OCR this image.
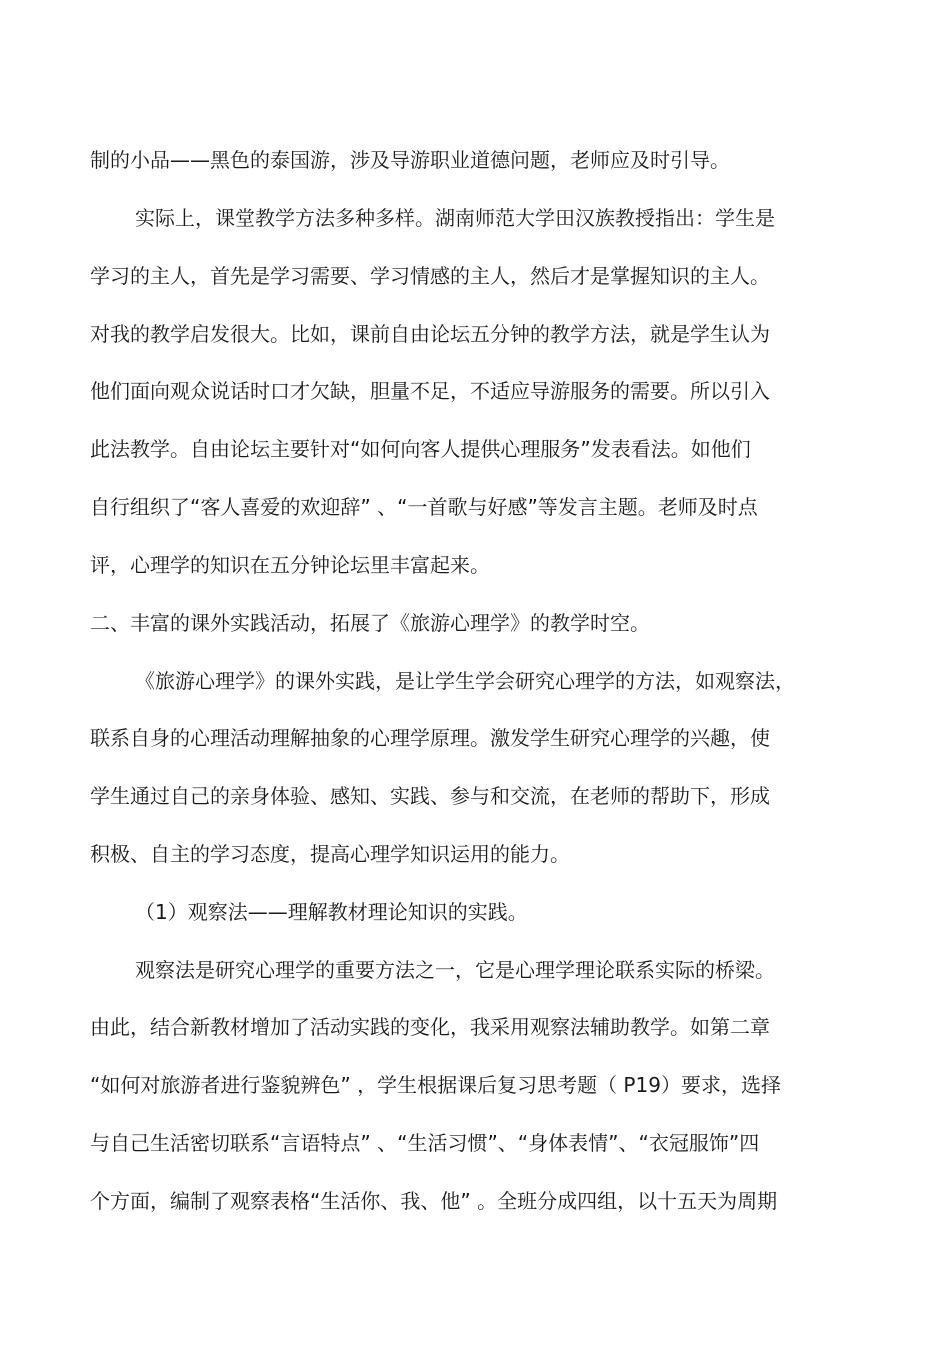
制的小品——黑色的泰国游，涉及导游职业道德问题，老师应及时引导。
实际上，课堂教学方法多种多样。湖南师范大学田汉族教授指出：学生是
学习的主人，首先是学习需要、学习情感的主人，然后才是掌握知识的主人。
对我的教学启发很大。比如，课前自由论坛五分钟的教学方法，就是学生认为
他们面向观众说话时口才欠缺，胆量不足，不适应导游服务的需要。所以引入
此法教学。自由论坛主要针对“如何向客人提供心理服务”发表看法。如他们
自行组织了“客人喜爱的欢迎辞” 、“一首歌与好感”等发言主题。老师及时点
评，心理学的知识在五分钟论坛里丰富起来。
二、丰富的课外实践活动，拓展了《旅游心理学》的教学时空。
《旅游心理学》的课外实践，是让学生学会研究心理学的方法，如观察法，
联系自身的心理活动理解抽象的心理学原理。激发学生研究心理学的兴趣，使
学生通过自己的亲身体验、感知、实践、参与和交流，在老师的帮助下，形成
积极、自主的学习态度，提高心理学知识运用的能力。
（1）观察法——理解教材理论知识的实践。
观察法是研究心理学的重要方法之一，它是心理学理论联系实际的桥梁。
由此，结合新教材增加了活动实践的变化，我采用观察法辅助教学。如第二章
“如何对旅游者进行鉴貌辨色” ，学生根据课后复习思考题（ P19）要求，选择
与自己生活密切联系“言语特点” 、“生活习惯”、“身体表情”、“衣冠服饰”四
个方面，编制了观察表格“生活你、我、他” 。全班分成四组，以十五天为周期
